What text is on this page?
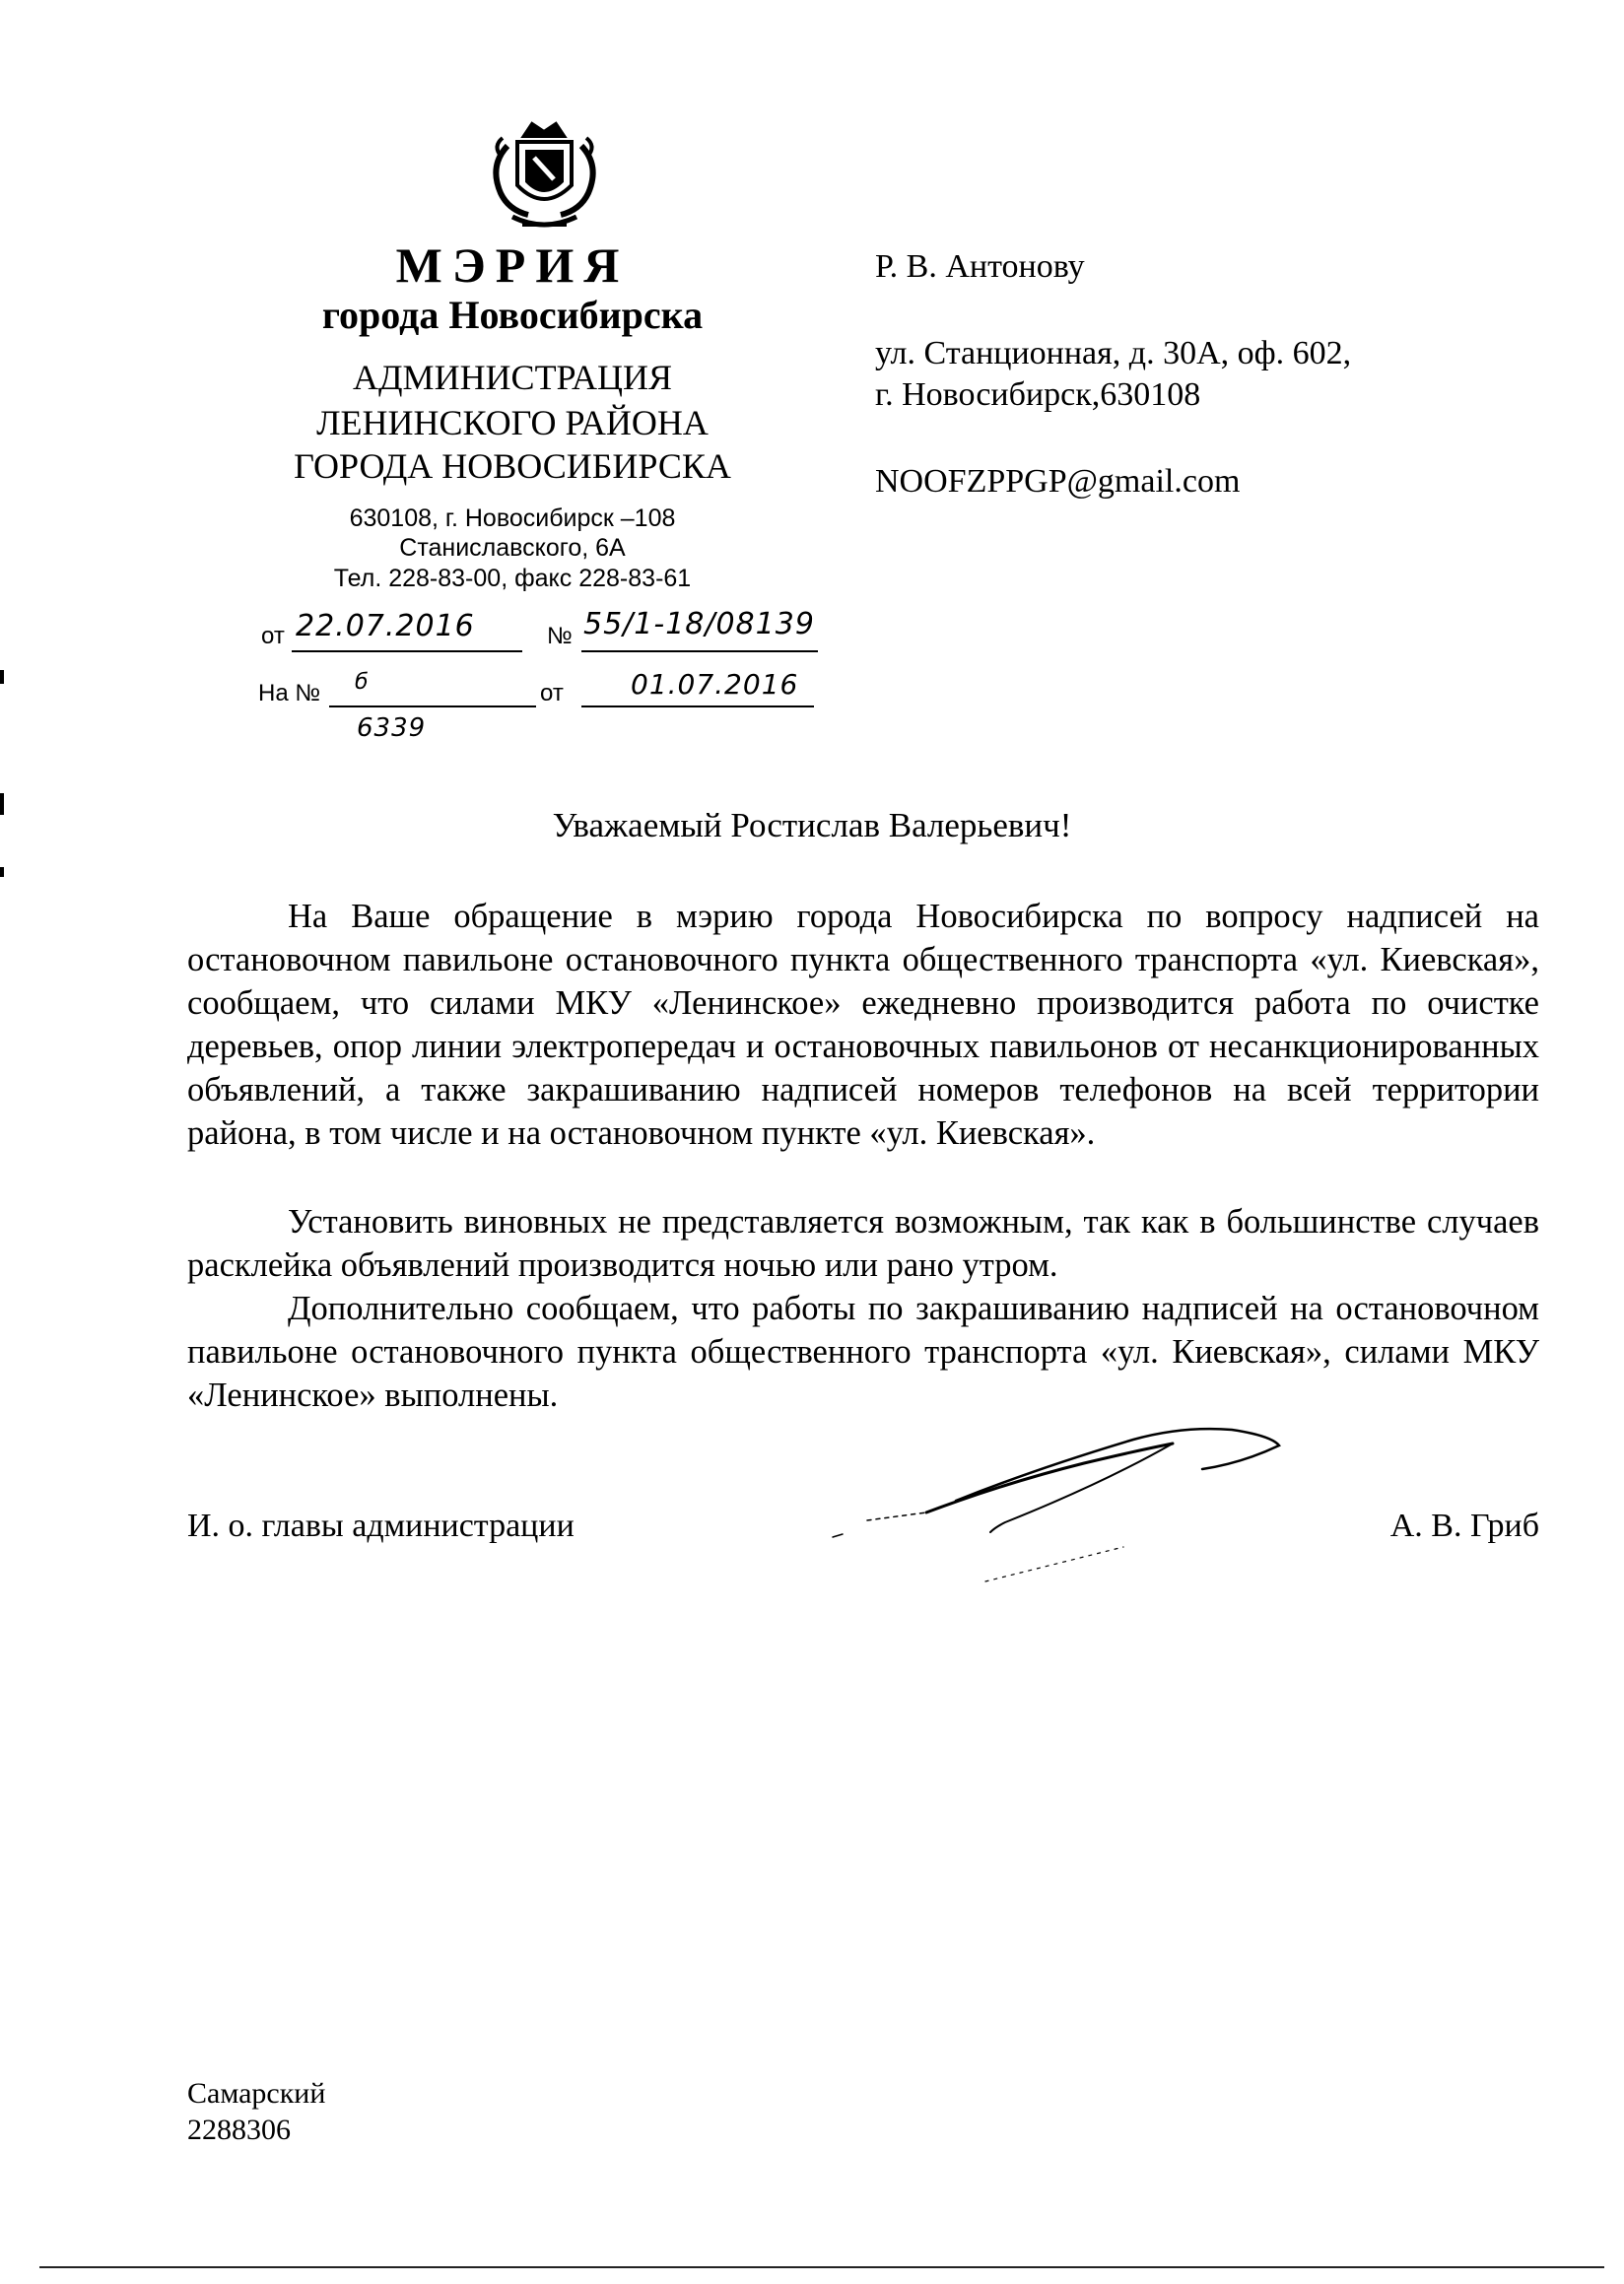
МЭРИЯ
города Новосибирска
АДМИНИСТРАЦИЯ
ЛЕНИНСКОГО РАЙОНА
ГОРОДА НОВОСИБИРСКА
630108, г. Новосибирск –108
Станиславского, 6А
Тел. 228-83-00, факс 228-83-61
от 22.07.2016	№ 55/1-18/08139
На № б	от 01.07.2016
6339
Р. В. Антонову
ул. Станционная, д. 30А, оф. 602,
г. Новосибирск,630108
NOOFZPPGP@gmail.com
Уважаемый Ростислав Валерьевич!

На Ваше обращение в мэрию города Новосибирска по вопросу надписей на остановочном павильоне остановочного пункта общественного транспорта «ул. Киевская», сообщаем, что силами МКУ «Ленинское» ежедневно производится работа по очистке деревьев, опор линии электропередач и остановочных павильонов от несанкционированных объявлений, а также закрашиванию надписей номеров телефонов на всей территории района, в том числе и на остановочном пункте «ул. Киевская».

Установить виновных не представляется возможным, так как в большинстве случаев расклейка объявлений производится ночью или рано утром.

Дополнительно сообщаем, что работы по закрашиванию надписей на остановочном павильоне остановочного пункта общественного транспорта «ул. Киевская», силами МКУ «Ленинское» выполнены.

И. о. главы администрации	А. В. Гриб
Самарский
2288306
